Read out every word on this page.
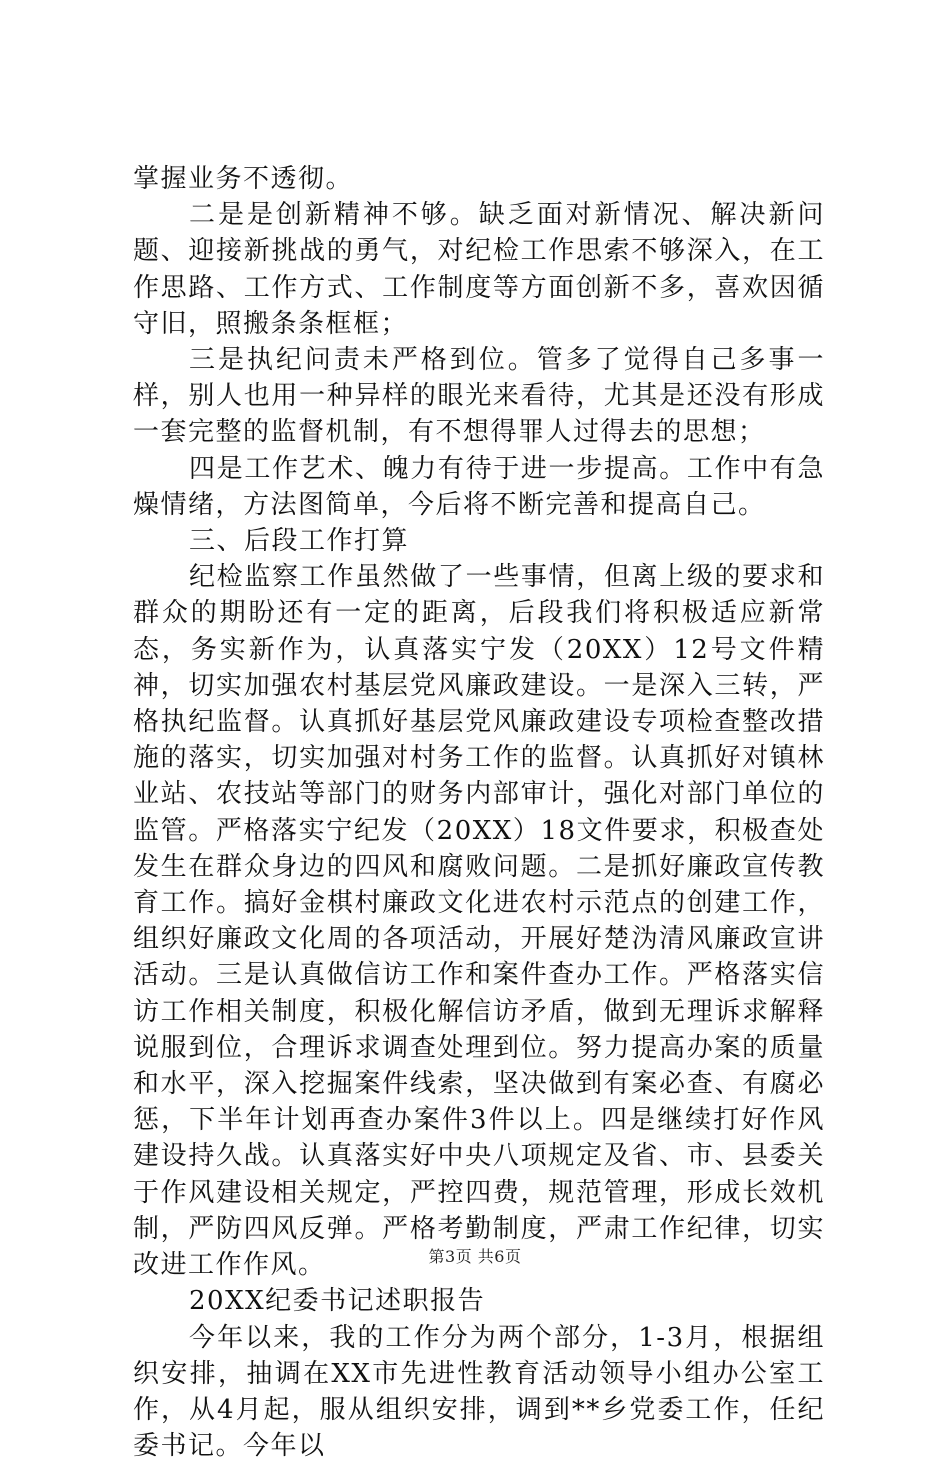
掌握业务不透彻。

二是是创新精神不够。缺乏面对新情况、解决新问题、迎接新挑战的勇气，对纪检工作思索不够深入，在工作思路、工作方式、工作制度等方面创新不多，喜欢因循守旧，照搬条条框框；

三是执纪问责未严格到位。管多了觉得自己多事一样，别人也用一种异样的眼光来看待，尤其是还没有形成一套完整的监督机制，有不想得罪人过得去的思想；

四是工作艺术、魄力有待于进一步提高。工作中有急燥情绪，方法图简单，今后将不断完善和提高自己。

三、后段工作打算

纪检监察工作虽然做了一些事情，但离上级的要求和群众的期盼还有一定的距离，后段我们将积极适应新常态，务实新作为，认真落实宁发（20XX）12号文件精神，切实加强农村基层党风廉政建设。一是深入三转，严格执纪监督。认真抓好基层党风廉政建设专项检查整改措施的落实，切实加强对村务工作的监督。认真抓好对镇林业站、农技站等部门的财务内部审计，强化对部门单位的监管。严格落实宁纪发（20XX）18文件要求，积极查处发生在群众身边的四风和腐败问题。二是抓好廉政宣传教育工作。搞好金棋村廉政文化进农村示范点的创建工作，组织好廉政文化周的各项活动，开展好楚沩清风廉政宣讲活动。三是认真做信访工作和案件查办工作。严格落实信访工作相关制度，积极化解信访矛盾，做到无理诉求解释说服到位，合理诉求调查处理到位。努力提高办案的质量和水平，深入挖掘案件线索，坚决做到有案必查、有腐必惩，下半年计划再查办案件3件以上。四是继续打好作风建设持久战。认真落实好中央八项规定及省、市、县委关于作风建设相关规定，严控四费，规范管理，形成长效机制，严防四风反弹。严格考勤制度，严肃工作纪律，切实改进工作作风。

20XX纪委书记述职报告

今年以来，我的工作分为两个部分，1-3月，根据组织安排，抽调在XX市先进性教育活动领导小组办公室工作，从4月起，服从组织安排，调到**乡党委工作，任纪委书记。今年以

第3页 共6页
